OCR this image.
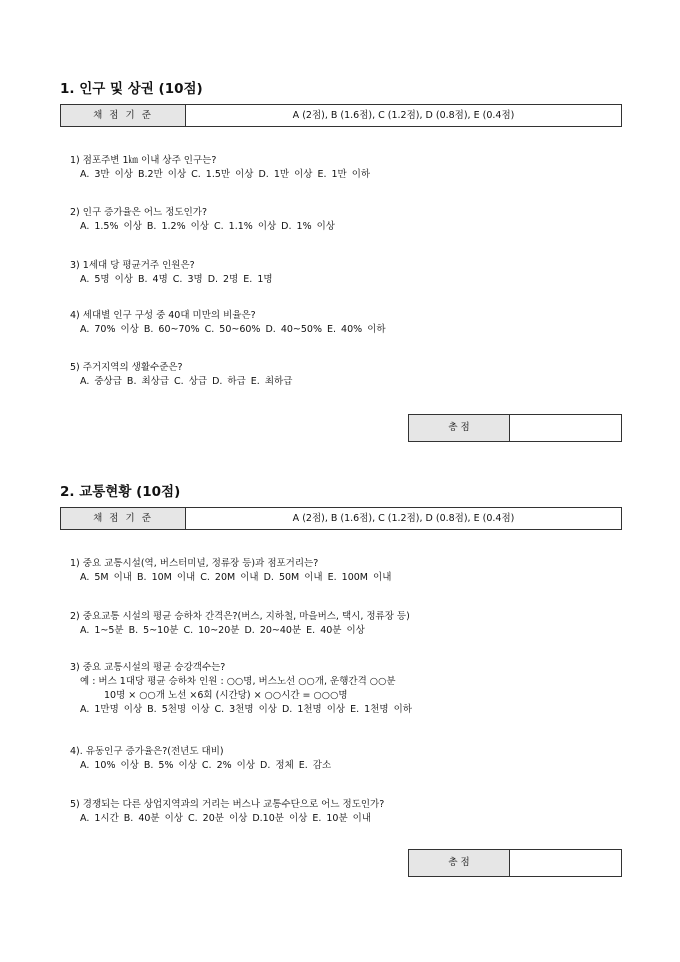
1. 인구 및 상권 (10점)
채 점 기 준	A (2점), B (1.6점), C (1.2점), D (0.8점), E (0.4점)
1) 점포주변 1㎞ 이내 상주 인구는?
A. 3만 이상 B.2만 이상 C. 1.5만 이상 D. 1만 이상 E. 1만 이하
2) 인구 증가율은 어느 정도인가?
A. 1.5% 이상 B. 1.2% 이상 C. 1.1% 이상 D. 1% 이상
3) 1세대 당 평균거주 인원은?
A. 5명 이상 B. 4명 C. 3명 D. 2명 E. 1명
4) 세대별 인구 구성 중 40대 미만의 비율은?
A. 70% 이상 B. 60~70% C. 50~60% D. 40~50% E. 40% 이하
5) 주거지역의 생활수준은?
A. 중상급 B. 최상급 C. 상급 D. 하급 E. 최하급
총 점
2. 교통현황 (10점)
채 점 기 준	A (2점), B (1.6점), C (1.2점), D (0.8점), E (0.4점)
1) 중요 교통시설(역, 버스터미널, 정류장 등)과 점포거리는?
A. 5M 이내 B. 10M 이내 C. 20M 이내 D. 50M 이내 E. 100M 이내
2) 중요교통 시설의 평균 승하차 간격은?(버스, 지하철, 마을버스, 택시, 정류장 등)
A. 1~5분 B. 5~10분 C. 10~20분 D. 20~40분 E. 40분 이상
3) 중요 교통시설의 평균 승강객수는?
예 : 버스 1대당 평균 승하차 인원 : ○○명, 버스노선 ○○개, 운행간격 ○○분
10명 × ○○개 노선 ×6회 (시간당) × ○○시간 = ○○○명
A. 1만명 이상 B. 5천명 이상 C. 3천명 이상 D. 1천명 이상 E. 1천명 이하
4). 유동인구 증가율은?(전년도 대비)
A. 10% 이상 B. 5% 이상 C. 2% 이상 D. 정체 E. 감소
5) 경쟁되는 다른 상업지역과의 거리는 버스나 교통수단으로 어느 정도인가?
A. 1시간 B. 40분 이상 C. 20분 이상 D.10분 이상 E. 10분 이내
총 점
